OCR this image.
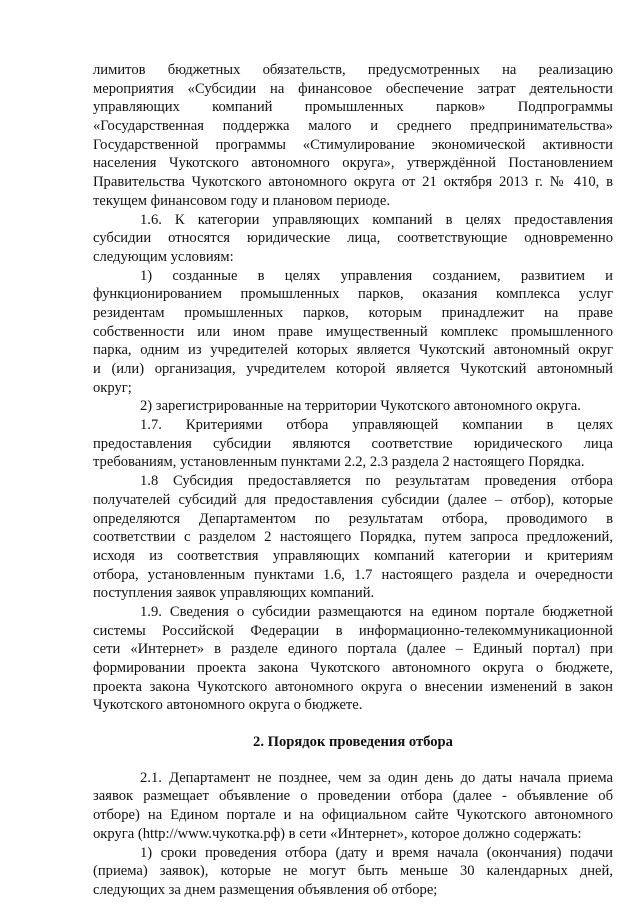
лимитов бюджетных обязательств, предусмотренных на реализацию
мероприятия «Субсидии на финансовое обеспечение затрат деятельности
управляющих компаний промышленных парков» Подпрограммы
«Государственная поддержка малого и среднего предпринимательства»
Государственной программы «Стимулирование экономической активности
населения Чукотского автономного округа», утверждённой Постановлением
Правительства Чукотского автономного округа от 21 октября 2013 г. № 410, в
текущем финансовом году и плановом периоде.
1.6. К категории управляющих компаний в целях предоставления
субсидии относятся юридические лица, соответствующие одновременно
следующим условиям:
1) созданные в целях управления созданием, развитием и
функционированием промышленных парков, оказания комплекса услуг
резидентам промышленных парков, которым принадлежит на праве
собственности или ином праве имущественный комплекс промышленного
парка, одним из учредителей которых является Чукотский автономный округ
и (или) организация, учредителем которой является Чукотский автономный
округ;
2) зарегистрированные на территории Чукотского автономного округа.
1.7. Критериями отбора управляющей компании в целях
предоставления субсидии являются соответствие юридического лица
требованиям, установленным пунктами 2.2, 2.3 раздела 2 настоящего Порядка.
1.8 Субсидия предоставляется по результатам проведения отбора
получателей субсидий для предоставления субсидии (далее – отбор), которые
определяются Департаментом по результатам отбора, проводимого в
соответствии с разделом 2 настоящего Порядка, путем запроса предложений,
исходя из соответствия управляющих компаний категории и критериям
отбора, установленным пунктами 1.6, 1.7 настоящего раздела и очередности
поступления заявок управляющих компаний.
1.9. Сведения о субсидии размещаются на едином портале бюджетной
системы Российской Федерации в информационно-телекоммуникационной
сети «Интернет» в разделе единого портала (далее – Единый портал) при
формировании проекта закона Чукотского автономного округа о бюджете,
проекта закона Чукотского автономного округа о внесении изменений в закон
Чукотского автономного округа о бюджете.
2. Порядок проведения отбора
2.1. Департамент не позднее, чем за один день до даты начала приема
заявок размещает объявление о проведении отбора (далее - объявление об
отборе) на Едином портале и на официальном сайте Чукотского автономного
округа (http://www.чукотка.рф) в сети «Интернет», которое должно содержать:
1) сроки проведения отбора (дату и время начала (окончания) подачи
(приема) заявок), которые не могут быть меньше 30 календарных дней,
следующих за днем размещения объявления об отборе;
